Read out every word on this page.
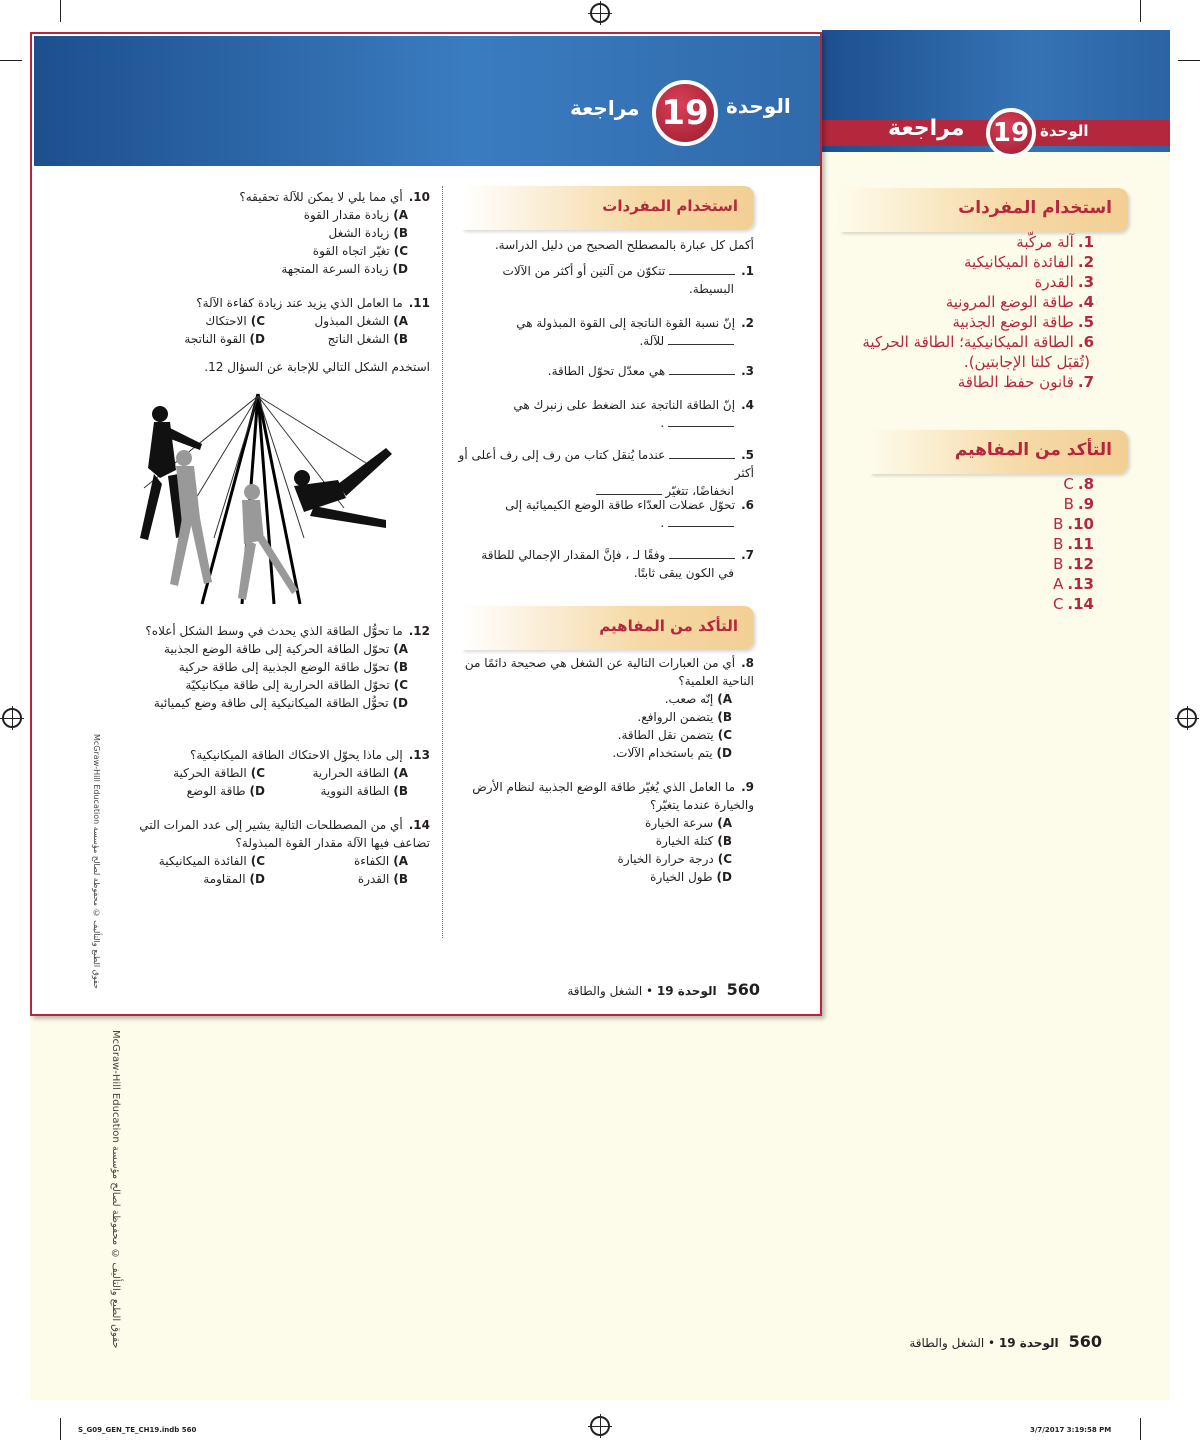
الوحدة
19
مراجعة
استخدام المفردات
1.آلة مركّبة
2.الفائدة الميكانيكية
3.القدرة
4.طاقة الوضع المرونية
5.طاقة الوضع الجذبية
6.الطاقة الميكانيكية؛ الطاقة الحركية
(تُقبَل كلتا الإجابتين).
7.قانون حفظ الطاقة
التأكد من المفاهيم
8.C
9.B
10.B
11.B
12.B
13.A
14.C
560الوحدة 19 • الشغل والطاقة
McGraw-Hill Education حقوق الطبع والتأليف © محفوظة لصالح مؤسسة
الوحدة
19
مراجعة
استخدام المفردات
أكمل كل عبارة بالمصطلح الصحيح من دليل الدراسة.
1. تتكوّن من آلتين أو أكثر من الآلات
البسيطة.
2.إنّ نسبة القوة الناتجة إلى القوة المبذولة هي
للآلة.
3. هي معدّل تحوّل الطاقة.
4.إنّ الطاقة الناتجة عند الضغط على زنبرك هي
.
5. عندما يُنقل كتاب من رف إلى رف أعلى أو أكثر
انخفاضًا، تتغيّر
6.تحوّل عضلات العدّاء طاقة الوضع الكيميائية إلى
.
7. وفقًا لـ ، فإنَّ المقدار الإجمالي للطاقة
في الكون يبقى ثابتًا.
التأكد من المفاهيم
8.أي من العبارات التالية عن الشغل هي صحيحة دائمًا من الناحية العلمية؟
A)إنّه صعب.
B)يتضمن الروافع.
C)يتضمن نقل الطاقة.
D)يتم باستخدام الآلات.
9.ما العامل الذي يُغيّر طاقة الوضع الجذبية لنظام الأرض والخيارة عندما يتغيّر؟
A)سرعة الخيارة
B)كتلة الخيارة
C)درجة حرارة الخيارة
D)طول الخيارة
10.أي مما يلي لا يمكن للآلة تحقيقه؟
A)زيادة مقدار القوة
B)زيادة الشغل
C)تغيّر اتجاه القوة
D)زيادة السرعة المتجهة
11.ما العامل الذي يزيد عند زيادة كفاءة الآلة؟
A)الشغل المبذول
C)الاحتكاك
B)الشغل الناتج
D)القوة الناتجة
استخدم الشكل التالي للإجابة عن السؤال 12.
12.ما تحوُّل الطاقة الذي يحدث في وسط الشكل أعلاه؟
A)تحوّل الطاقة الحركية إلى طاقة الوضع الجذبية
B)تحوّل طاقة الوضع الجذبية إلى طاقة حركية
C)تحوّل الطاقة الحرارية إلى طاقة ميكانيكيّة
D)تحوُّل الطاقة الميكانيكية إلى طاقة وضع كيميائية
13.إلى ماذا يحوّل الاحتكاك الطاقة الميكانيكية؟
A)الطاقة الحرارية
C)الطاقة الحركية
B)الطاقة النووية
D)طاقة الوضع
14.أي من المصطلحات التالية يشير إلى عدد المرات التي تضاعف فيها الآلة مقدار القوة المبذولة؟
A)الكفاءة
C)الفائدة الميكانيكية
B)القدرة
D)المقاومة
McGraw-Hill Education حقوق الطبع والتأليف © محفوظة لصالح مؤسسة
560الوحدة 19 • الشغل والطاقة
S_G09_GEN_TE_CH19.indb 560	3/7/2017 3:19:58 PM
